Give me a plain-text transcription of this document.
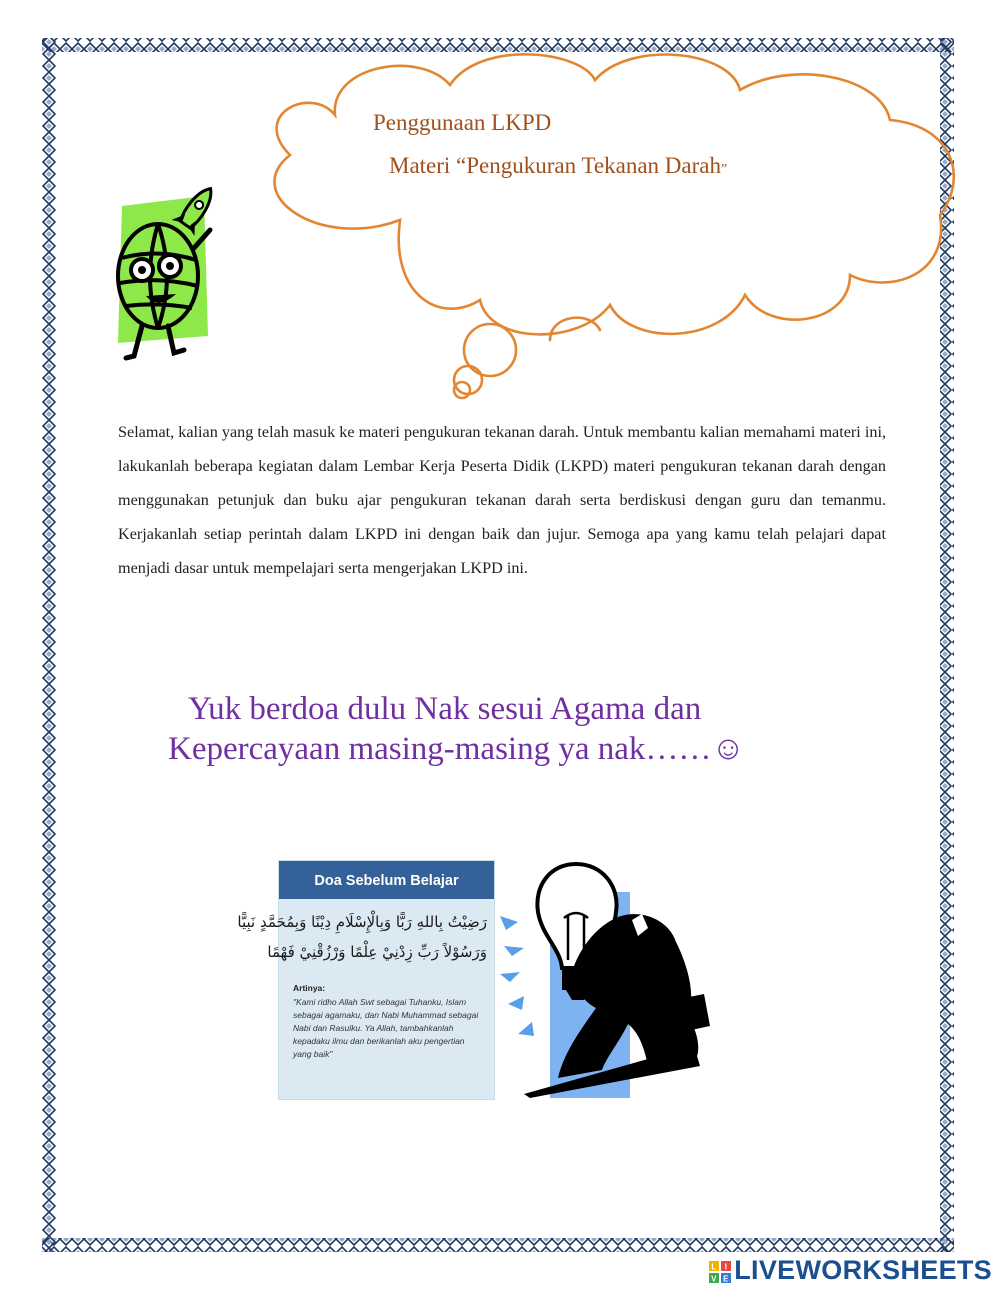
Penggunaan LKPD
Materi “Pengukuran Tekanan Darah”
Selamat, kalian yang telah masuk ke materi pengukuran tekanan darah. Untuk membantu kalian memahami materi ini, lakukanlah beberapa kegiatan dalam Lembar Kerja Peserta Didik (LKPD) materi pengukuran tekanan darah dengan menggunakan petunjuk dan buku ajar pengukuran tekanan darah serta berdiskusi dengan guru dan temanmu. Kerjakanlah setiap perintah dalam LKPD ini dengan baik dan jujur. Semoga apa yang kamu telah pelajari dapat menjadi dasar untuk mempelajari serta mengerjakan LKPD ini.
Yuk berdoa dulu Nak sesui Agama dan
Kepercayaan masing-masing ya nak……☺
Doa Sebelum Belajar
رَضِيْتُ بِاللهِ رَبًّا وَبِالْإِسْلَامِ دِيْنًا وَبِمُحَمَّدٍ نَبِيًّا
وَرَسُوْلاً رَبِّ زِدْنِيْ عِلْمًا وَرْزُقْنِيْ فَهْمًا
Artinya:
"Kami ridho Allah Swt sebagai Tuhanku, Islam sebagai agamaku, dan Nabi Muhammad sebagai Nabi dan Rasulku. Ya Allah, tambahkanlah kepadaku ilmu dan berikanlah aku pengertian yang baik"
L I
V E LIVEWORKSHEETS
